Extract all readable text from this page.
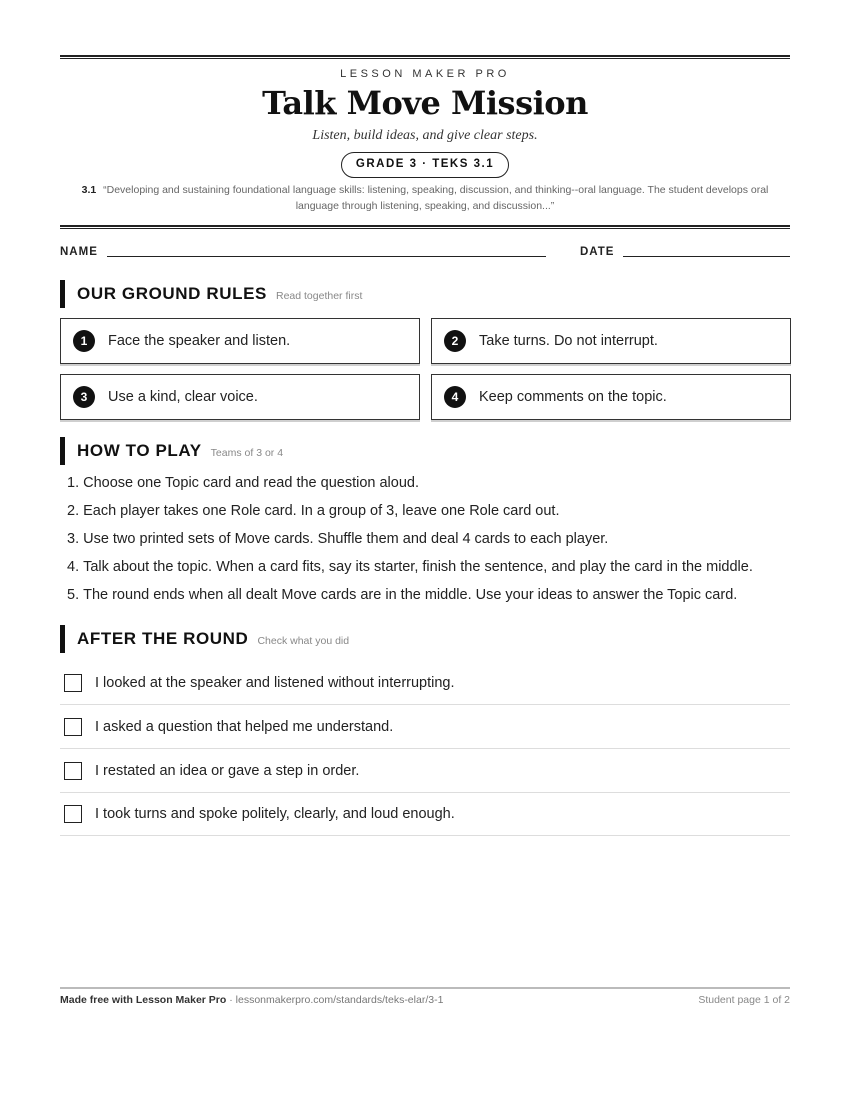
LESSON MAKER PRO
Talk Move Mission
Listen, build ideas, and give clear steps.
GRADE 3 · TEKS 3.1
3.1 “Developing and sustaining foundational language skills: listening, speaking, discussion, and thinking--oral language. The student develops oral language through listening, speaking, and discussion...”
NAME	DATE
OUR GROUND RULES Read together first
1	Face the speaker and listen.	2	Take turns. Do not interrupt.
3	Use a kind, clear voice.	4	Keep comments on the topic.
HOW TO PLAY Teams of 3 or 4
1. Choose one Topic card and read the question aloud.
2. Each player takes one Role card. In a group of 3, leave one Role card out.
3. Use two printed sets of Move cards. Shuffle them and deal 4 cards to each player.
4. Talk about the topic. When a card fits, say its starter, finish the sentence, and play the card in the middle.
5. The round ends when all dealt Move cards are in the middle. Use your ideas to answer the Topic card.
AFTER THE ROUND Check what you did
I looked at the speaker and listened without interrupting.
I asked a question that helped me understand.
I restated an idea or gave a step in order.
I took turns and spoke politely, clearly, and loud enough.
Made free with Lesson Maker Pro · lessonmakerpro.com/standards/teks-elar/3-1	Student page 1 of 2
